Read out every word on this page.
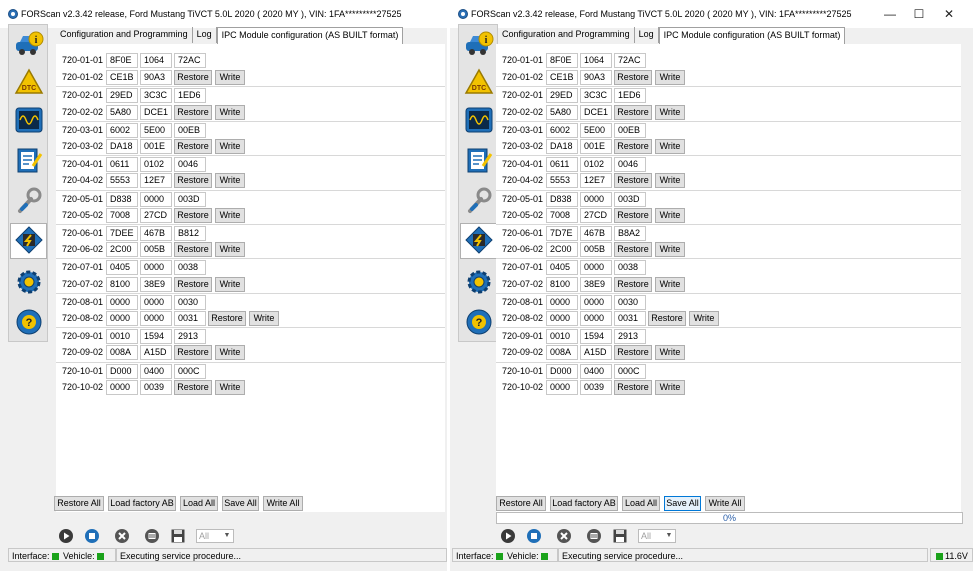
FORScan v2.3.42 release, Ford Mustang TiVCT 5.0L 2020 ( 2020 MY ), VIN: 1FA*********27525
i
DTC
?
Configuration and Programming Log IPC Module configuration (AS BUILT format)
720-01-01 8F0E	1064	72AC
720-01-02 CE1B	90A3	Restore	Write
720-02-01 29ED	3C3C	1ED6
720-02-02 5A80	DCE1	Restore	Write
720-03-01 6002	5E00	00EB
720-03-02 DA18	001E	Restore	Write
720-04-01 0611	0102	0046
720-04-02 5553	12E7	Restore	Write
720-05-01 D838	0000	003D
720-05-02 7008	27CD	Restore	Write
720-06-01 7DEE	467B	B812
720-06-02 2C00	005B	Restore	Write
720-07-01 0405	0000	0038
720-07-02 8100	38E9	Restore	Write
720-08-01 0000	0000	0030
720-08-02 0000	0000	0031	Restore	Write
720-09-01 0010	1594	2913
720-09-02 008A	A15D	Restore	Write
720-10-01 D000	0400	000C
720-10-02 0000	0039	Restore	Write
Restore All	Load factory AB	Load All	Save All	Write All
All ▼
Interface: Vehicle:	Executing service procedure...
FORScan v2.3.42 release, Ford Mustang TiVCT 5.0L 2020 ( 2020 MY ), VIN: 1FA*********27525	—	☐	✕
i
DTC
?
Configuration and Programming Log IPC Module configuration (AS BUILT format)
720-01-01 8F0E	1064	72AC
720-01-02 CE1B	90A3	Restore	Write
720-02-01 29ED	3C3C	1ED6
720-02-02 5A80	DCE1	Restore	Write
720-03-01 6002	5E00	00EB
720-03-02 DA18	001E	Restore	Write
720-04-01 0611	0102	0046
720-04-02 5553	12E7	Restore	Write
720-05-01 D838	0000	003D
720-05-02 7008	27CD	Restore	Write
720-06-01 7D7E	467B	B8A2
720-06-02 2C00	005B	Restore	Write
720-07-01 0405	0000	0038
720-07-02 8100	38E9	Restore	Write
720-08-01 0000	0000	0030
720-08-02 0000	0000	0031	Restore	Write
720-09-01 0010	1594	2913
720-09-02 008A	A15D	Restore	Write
720-10-01 D000	0400	000C
720-10-02 0000	0039	Restore	Write
Restore All	Load factory AB	Load All	Save All	Write All
0%
All ▼
Interface: Vehicle:	Executing service procedure...	11.6V
